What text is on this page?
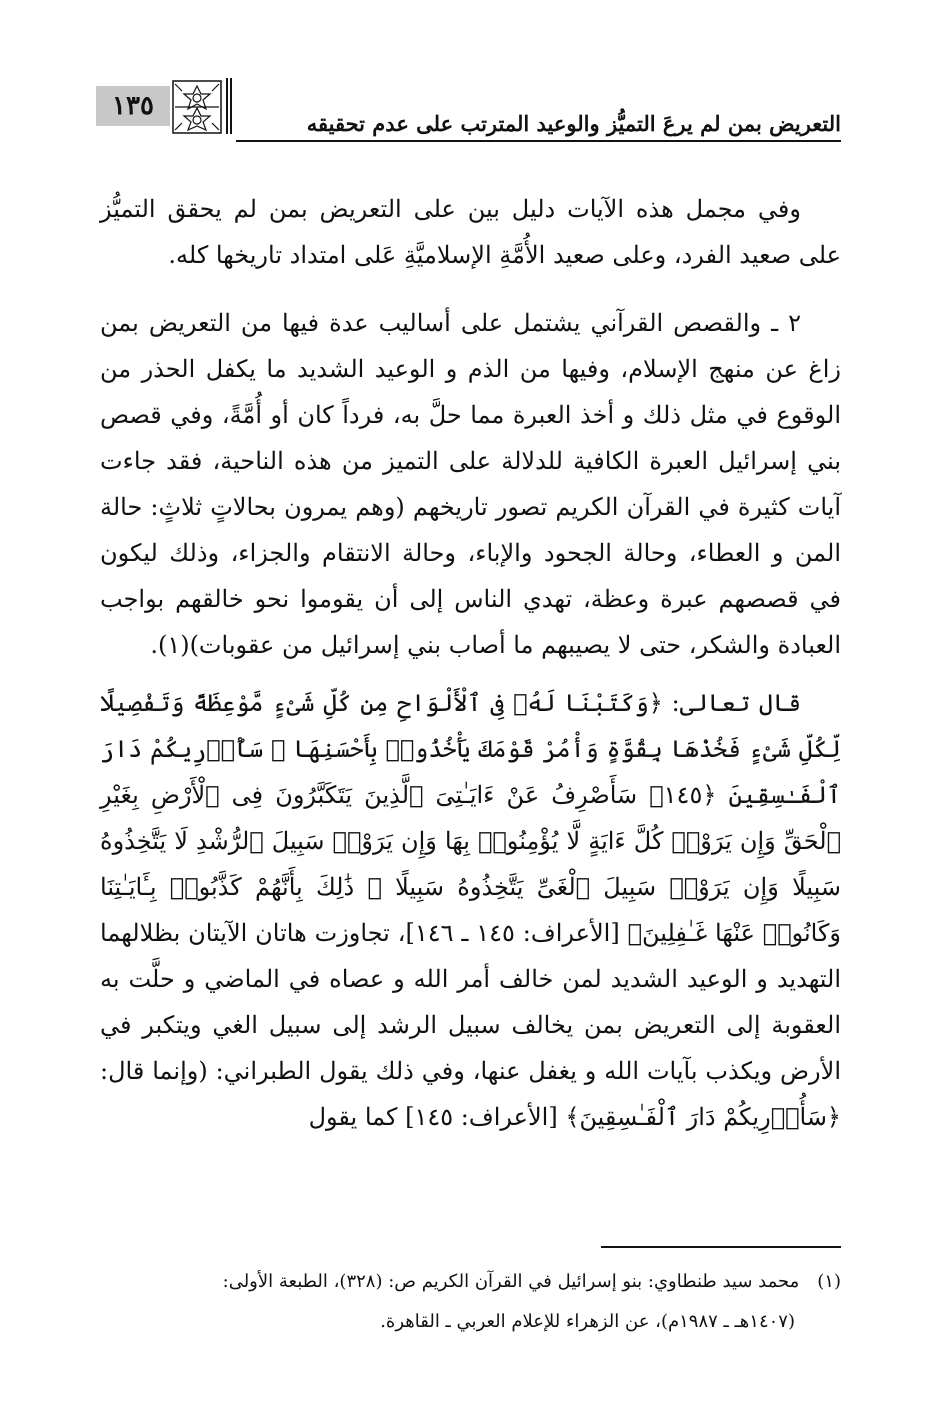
التعريض بمن لم يرعَ التميُّز والوعيد المترتب على عدم تحقيقه
١٣٥

وفي مجمل هذه الآيات دليل بين على التعريض بمن لم يحقق التميُّز على صعيد الفرد، وعلى صعيد الأُمَّةِ الإسلاميَّةِ عَلى امتداد تاريخها كله.

٢ ـ والقصص القرآني يشتمل على أساليب عدة فيها من التعريض بمن زاغ عن منهج الإسلام، وفيها من الذم و الوعيد الشديد ما يكفل الحذر من الوقوع في مثل ذلك و أخذ العبرة مما حلَّ به، فرداً كان أو أُمَّةً، وفي قصص بني إسرائيل العبرة الكافية للدلالة على التميز من هذه الناحية، فقد جاءت آيات كثيرة في القرآن الكريم تصور تاريخهم (وهم يمرون بحالاتٍ ثلاثٍ: حالة المن و العطاء، وحالة الجحود والإباء، وحالة الانتقام والجزاء، وذلك ليكون في قصصهم عبرة وعظة، تهدي الناس إلى أن يقوموا نحو خالقهم بواجب العبادة والشكر، حتى لا يصيبهم ما أصاب بني إسرائيل من عقوبات)(١).

قال تعالى: ﴿وَكَتَبْنَا لَهُۥ فِى ٱلْأَلْوَاحِ مِن كُلِّ شَىْءٍ مَّوْعِظَةً وَتَفْصِيلًا لِّكُلِّ شَىْءٍ فَخُذْهَا بِقُوَّةٍ وَأْمُرْ قَوْمَكَ يَأْخُذُوا۟ بِأَحْسَنِهَا ۚ سَأُو۟رِيكُمْ دَارَ ٱلْفَـٰسِقِينَ ﴿١٤٥﴾ سَأَصْرِفُ عَنْ ءَايَـٰتِىَ ٱلَّذِينَ يَتَكَبَّرُونَ فِى ٱلْأَرْضِ بِغَيْرِ ٱلْحَقِّ وَإِن يَرَوْا۟ كُلَّ ءَايَةٍ لَّا يُؤْمِنُوا۟ بِهَا وَإِن يَرَوْا۟ سَبِيلَ ٱلرُّشْدِ لَا يَتَّخِذُوهُ سَبِيلًا وَإِن يَرَوْا۟ سَبِيلَ ٱلْغَىِّ يَتَّخِذُوهُ سَبِيلًا ۚ ذَٰلِكَ بِأَنَّهُمْ كَذَّبُوا۟ بِـَٔايَـٰتِنَا وَكَانُوا۟ عَنْهَا غَـٰفِلِينَ﴾ [الأعراف: ١٤٥ ـ ١٤٦]، تجاوزت هاتان الآيتان بظلالهما التهديد و الوعيد الشديد لمن خالف أمر الله و عصاه في الماضي و حلَّت به العقوبة إلى التعريض بمن يخالف سبيل الرشد إلى سبيل الغي ويتكبر في الأرض ويكذب بآيات الله و يغفل عنها، وفي ذلك يقول الطبراني: (وإنما قال: ﴿سَأُو۟رِيكُمْ دَارَ ٱلْفَـٰسِقِينَ﴾ [الأعراف: ١٤٥] كما يقول

(١)محمد سيد طنطاوي: بنو إسرائيل في القرآن الكريم ص: (٣٢٨)، الطبعة الأولى:
(١٤٠٧هـ ـ ١٩٨٧م)، عن الزهراء للإعلام العربي ـ القاهرة.
